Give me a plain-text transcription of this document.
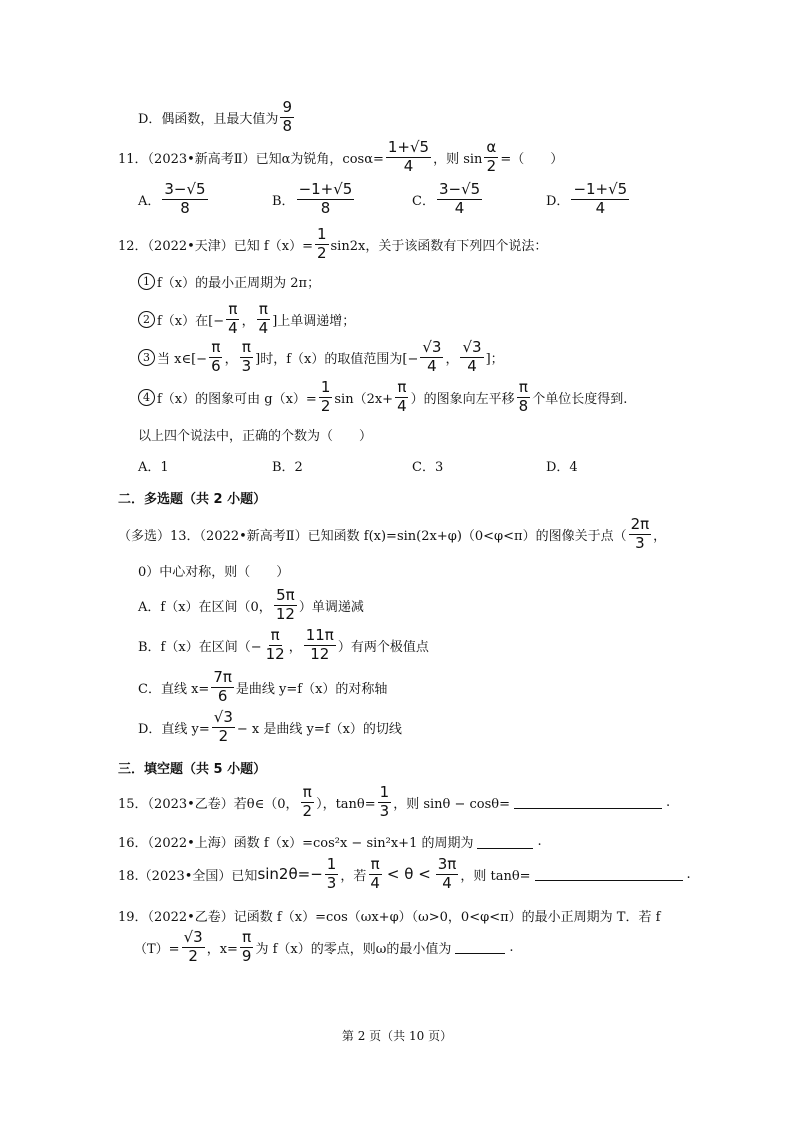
D．偶函数，且最大值为 $\frac{9}{8}$
11．（2023•新高考Ⅱ）已知α为锐角，$\cos\alpha= \frac{1+√5}{4}$ ，则 $\sin \frac{\alpha}{2}$ =（　　）
A． $\frac{3-√5}{8}$	B． $\frac{-1+√5}{8}$	C． $\frac{3-√5}{4}$	D． $\frac{-1+√5}{4}$
12．（2022•天津）已知 $f(x)= \frac{1}{2} \sin 2x$，关于该函数有下列四个说法：
1 f（x）的最小正周期为 2π；
2 f（x）在[− $\frac{\pi}{4}$ ， $\frac{\pi}{4}$ ]上单调递增；
3 当 x∈[− $\frac{\pi}{6}$ ， $\frac{\pi}{3}$ ]时，f（x）的取值范围为[− $\frac{√3}{4}$ ， $\frac{√3}{4}$ ]；
4 f（x）的图象可由 $g(x)= \frac{1}{2} \sin(2x+ \frac{\pi}{4}$ ）的图象向左平移 $\frac{\pi}{8}$ 个单位长度得到.
以上四个说法中，正确的个数为（　　）
A．1	B．2	C．3	D．4
二．多选题（共 2 小题）
（多选）13．（2022•新高考Ⅱ）已知函数 f(x)=sin(2x+φ)（0<φ<π）的图像关于点（ $\frac{2\pi}{3}$ ，
0）中心对称，则（　　）
A．f（x）在区间（0， $\frac{5\pi}{12}$ ）单调递减
B．f（x）在区间（− $\frac{\pi}{12}$ ， $\frac{11\pi}{12}$ ）有两个极值点
C．直线 $x= \frac{7\pi}{6}$ 是曲线 y=f（x）的对称轴
D．直线 $y= \frac{√3}{2} - x$ 是曲线 y=f（x）的切线
三．填空题（共 5 小题）
15．（2023•乙卷）若θ∈（0， $\frac{\pi}{2}$ ），$\tan\theta= \frac{1}{3}$ ，则 sinθ − cosθ=	.
16．（2022•上海）函数 f（x）=cos²x − sin²x+1 的周期为	.
18.（2023•全国）已知 $\sin 2\theta=- \frac{1}{3}$ ，若 $\frac{\pi}{4} < \theta < \frac{3\pi}{4}$ ，则 tanθ=	.
19．（2022•乙卷）记函数 f（x）=cos（ωx+φ）（ω>0，0<φ<π）的最小正周期为 T．若 f
$(T)= \frac{√3}{2}$ ，$x= \frac{\pi}{9}$ 为 f（x）的零点，则ω的最小值为	.
第 2 页（共 10 页）
